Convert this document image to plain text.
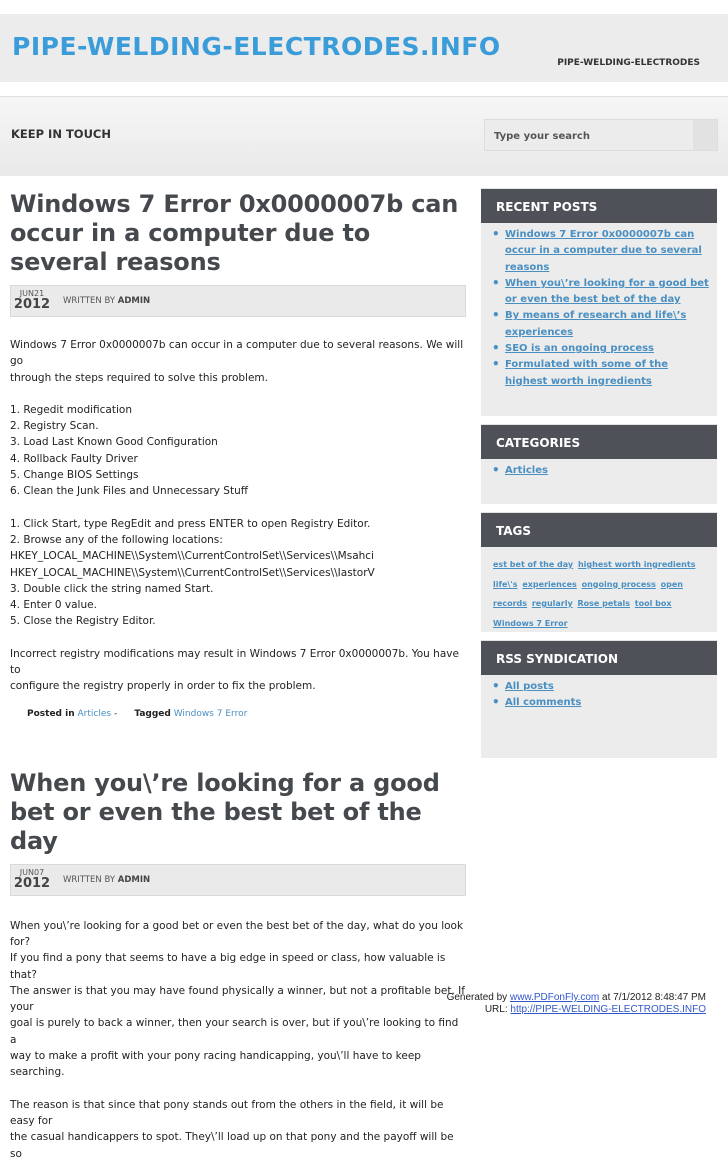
PIPE-WELDING-ELECTRODES.INFO
PIPE-WELDING-ELECTRODES
KEEP IN TOUCH	Type your search
Windows 7 Error 0x0000007b can occur in a computer due to several reasons
JUN21
2012	WRITTEN BY ADMIN

Windows 7 Error 0x0000007b can occur in a computer due to several reasons. We will go
through the steps required to solve this problem.

1. Regedit modification
2. Registry Scan.
3. Load Last Known Good Configuration
4. Rollback Faulty Driver
5. Change BIOS Settings
6. Clean the Junk Files and Unnecessary Stuff

1. Click Start, type RegEdit and press ENTER to open Registry Editor.
2. Browse any of the following locations:
HKEY_LOCAL_MACHINE\\System\\CurrentControlSet\\Services\\Msahci
HKEY_LOCAL_MACHINE\\System\\CurrentControlSet\\Services\\IastorV
3. Double click the string named Start.
4. Enter 0 value.
5. Close the Registry Editor.

Incorrect registry modifications may result in Windows 7 Error 0x0000007b. You have to
configure the registry properly in order to fix the problem.

Posted in Articles - Tagged Windows 7 Error
When you\’re looking for a good bet or even the best bet of the day
JUN07
2012	WRITTEN BY ADMIN

When you\’re looking for a good bet or even the best bet of the day, what do you look for?
If you find a pony that seems to have a big edge in speed or class, how valuable is that?
The answer is that you may have found physically a winner, but not a profitable bet. If your
goal is purely to back a winner, then your search is over, but if you\’re looking to find a
way to make a profit with your pony racing handicapping, you\’ll have to keep searching.

The reason is that since that pony stands out from the others in the field, it will be easy for
the casual handicappers to spot. They\’ll load up on that pony and the payoff will be so

RECENT POSTS
• Windows 7 Error 0x0000007b can occur in a computer due to several reasons
• When you\’re looking for a good bet or even the best bet of the day
• By means of research and life\’s experiences
• SEO is an ongoing process
• Formulated with some of the highest worth ingredients
CATEGORIES
• Articles
TAGS
est bet of the day highest worth ingredients life\'s experiences ongoing process open records regularly Rose petals tool box Windows 7 Error
RSS SYNDICATION
• All posts
• All comments
Generated by www.PDFonFly.com at 7/1/2012 8:48:47 PM
URL: http://PIPE-WELDING-ELECTRODES.INFO
